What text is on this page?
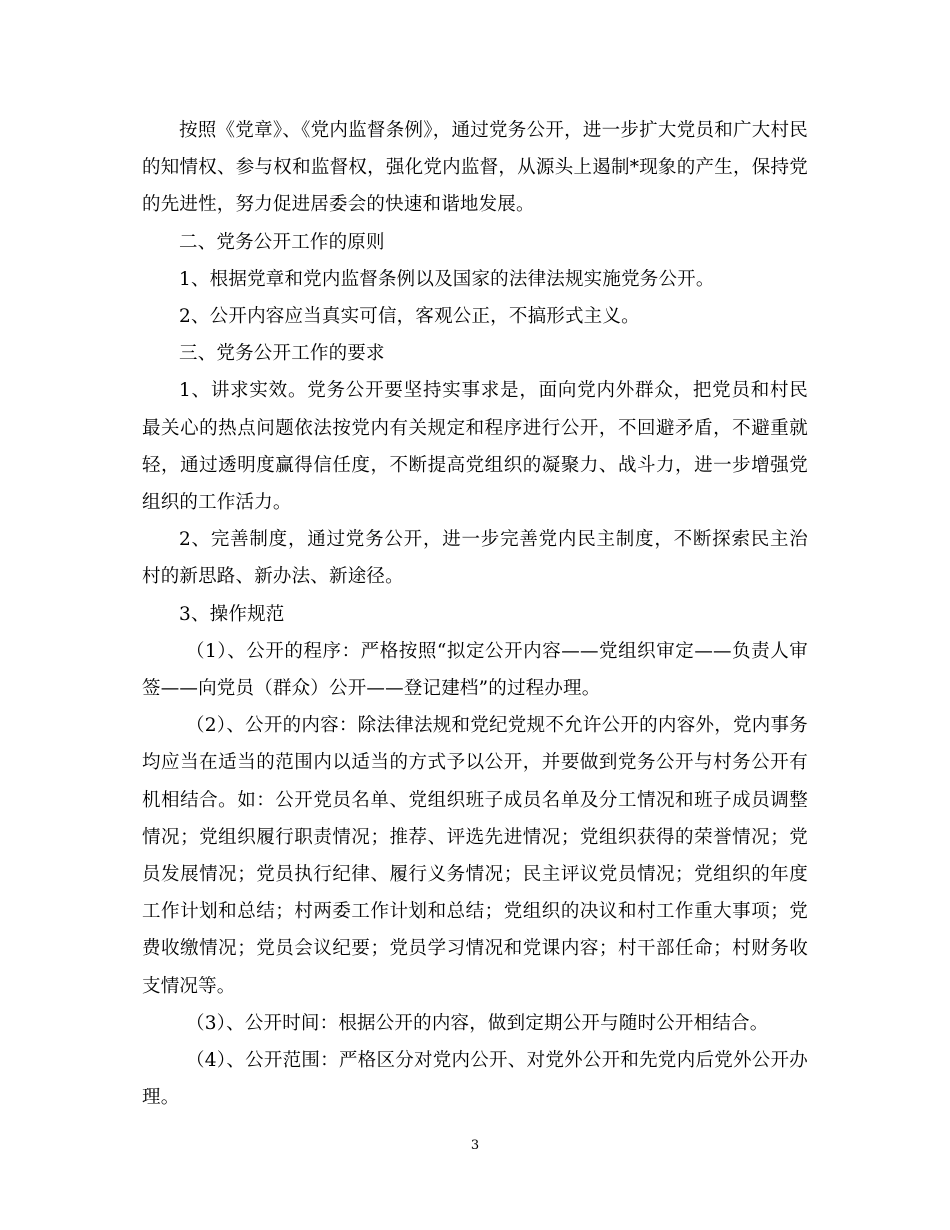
按照《党章》、《党内监督条例》，通过党务公开，进一步扩大党员和广大村民的知情权、参与权和监督权，强化党内监督，从源头上遏制*现象的产生，保持党的先进性，努力促进居委会的快速和谐地发展。

二、党务公开工作的原则

1、根据党章和党内监督条例以及国家的法律法规实施党务公开。

2、公开内容应当真实可信，客观公正，不搞形式主义。

三、党务公开工作的要求

1、讲求实效。党务公开要坚持实事求是，面向党内外群众，把党员和村民最关心的热点问题依法按党内有关规定和程序进行公开，不回避矛盾，不避重就轻，通过透明度赢得信任度，不断提高党组织的凝聚力、战斗力，进一步增强党组织的工作活力。

2、完善制度，通过党务公开，进一步完善党内民主制度，不断探索民主治村的新思路、新办法、新途径。

3、操作规范

（1）、公开的程序：严格按照“拟定公开内容——党组织审定——负责人审签——向党员（群众）公开——登记建档”的过程办理。

（2）、公开的内容：除法律法规和党纪党规不允许公开的内容外，党内事务均应当在适当的范围内以适当的方式予以公开，并要做到党务公开与村务公开有机相结合。如：公开党员名单、党组织班子成员名单及分工情况和班子成员调整情况；党组织履行职责情况；推荐、评选先进情况；党组织获得的荣誉情况；党员发展情况；党员执行纪律、履行义务情况；民主评议党员情况；党组织的年度工作计划和总结；村两委工作计划和总结；党组织的决议和村工作重大事项；党费收缴情况；党员会议纪要；党员学习情况和党课内容；村干部任命；村财务收支情况等。

（3）、公开时间：根据公开的内容，做到定期公开与随时公开相结合。

（4）、公开范围：严格区分对党内公开、对党外公开和先党内后党外公开办理。

3
